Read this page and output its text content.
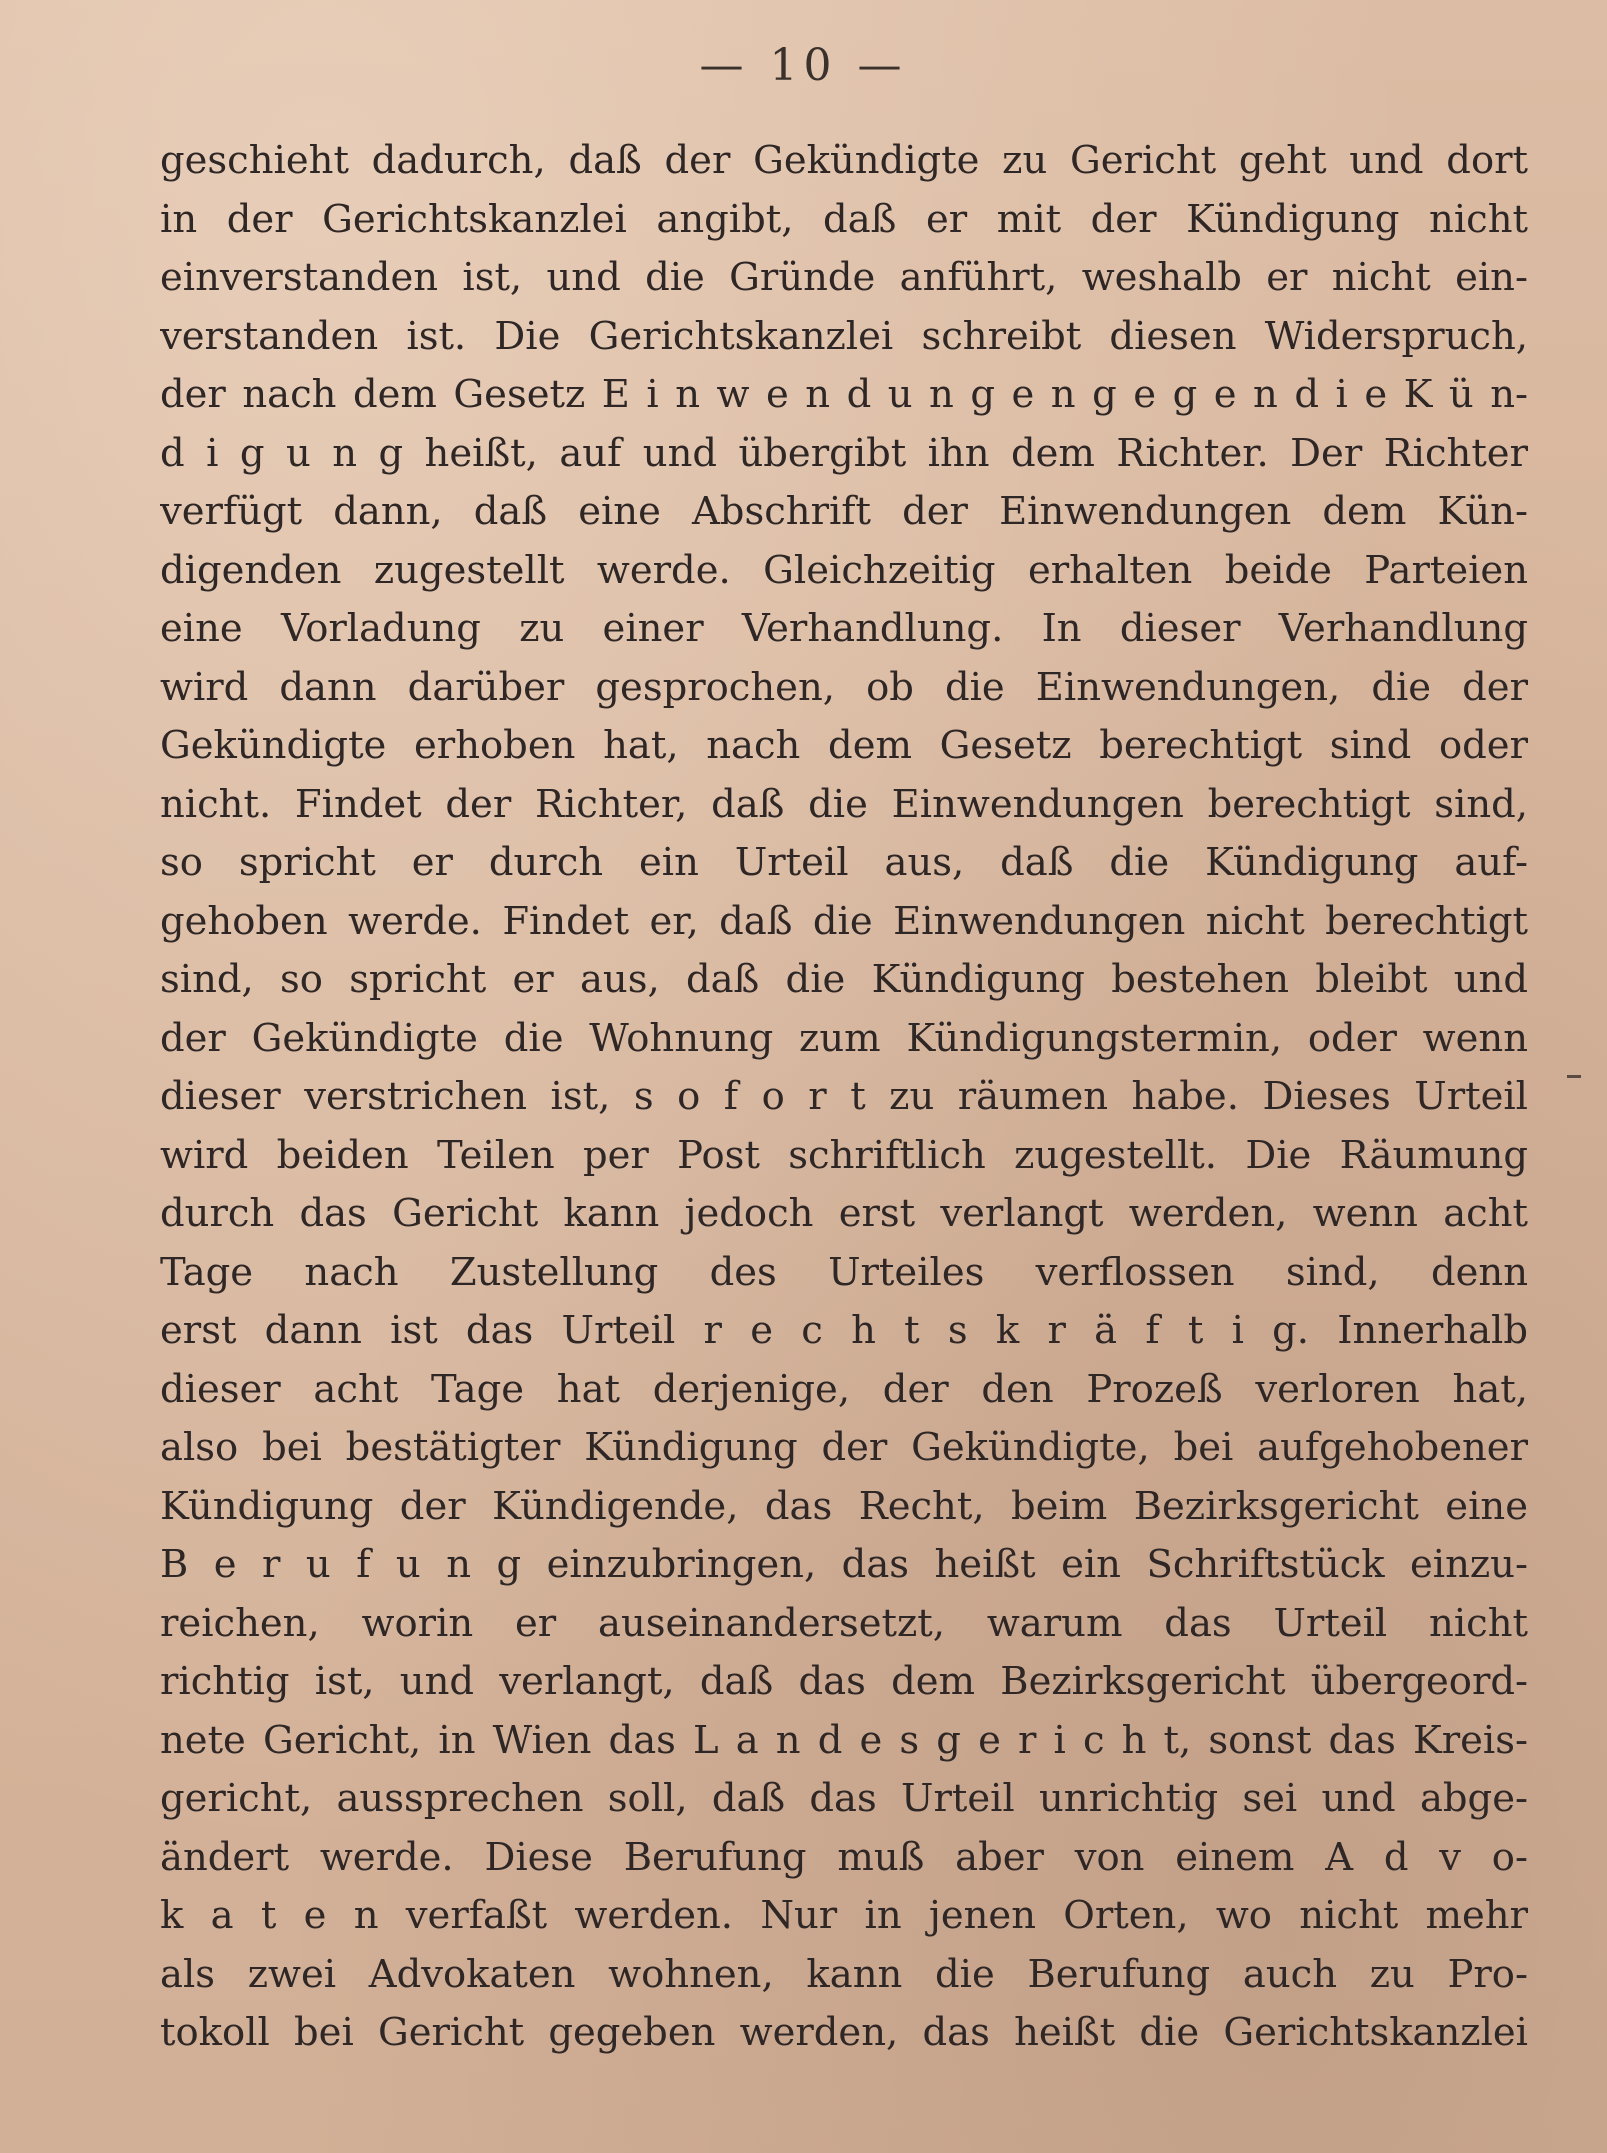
— 10 —
geschieht dadurch, daß der Gekündigte zu Gericht geht und dort
in der Gerichtskanzlei angibt, daß er mit der Kündigung nicht
einverstanden ist, und die Gründe anführt, weshalb er nicht ein-
verstanden ist. Die Gerichtskanzlei schreibt diesen Widerspruch,
der nach dem Gesetz E i n w e n d u n g e n g e g e n d i e K ü n-
d i g u n g heißt, auf und übergibt ihn dem Richter. Der Richter
verfügt dann, daß eine Abschrift der Einwendungen dem Kün-
digenden zugestellt werde. Gleichzeitig erhalten beide Parteien
eine Vorladung zu einer Verhandlung. In dieser Verhandlung
wird dann darüber gesprochen, ob die Einwendungen, die der
Gekündigte erhoben hat, nach dem Gesetz berechtigt sind oder
nicht. Findet der Richter, daß die Einwendungen berechtigt sind,
so spricht er durch ein Urteil aus, daß die Kündigung auf-
gehoben werde. Findet er, daß die Einwendungen nicht berechtigt
sind, so spricht er aus, daß die Kündigung bestehen bleibt und
der Gekündigte die Wohnung zum Kündigungstermin, oder wenn
dieser verstrichen ist, s o f o r t zu räumen habe. Dieses Urteil
wird beiden Teilen per Post schriftlich zugestellt. Die Räumung
durch das Gericht kann jedoch erst verlangt werden, wenn acht
Tage nach Zustellung des Urteiles verflossen sind, denn
erst dann ist das Urteil r e c h t s k r ä f t i g. Innerhalb
dieser acht Tage hat derjenige, der den Prozeß verloren hat,
also bei bestätigter Kündigung der Gekündigte, bei aufgehobener
Kündigung der Kündigende, das Recht, beim Bezirksgericht eine
B e r u f u n g einzubringen, das heißt ein Schriftstück einzu-
reichen, worin er auseinandersetzt, warum das Urteil nicht
richtig ist, und verlangt, daß das dem Bezirksgericht übergeord-
nete Gericht, in Wien das L a n d e s g e r i c h t, sonst das Kreis-
gericht, aussprechen soll, daß das Urteil unrichtig sei und abge-
ändert werde. Diese Berufung muß aber von einem A d v o-
k a t e n verfaßt werden. Nur in jenen Orten, wo nicht mehr
als zwei Advokaten wohnen, kann die Berufung auch zu Pro-
tokoll bei Gericht gegeben werden, das heißt die Gerichtskanzlei
